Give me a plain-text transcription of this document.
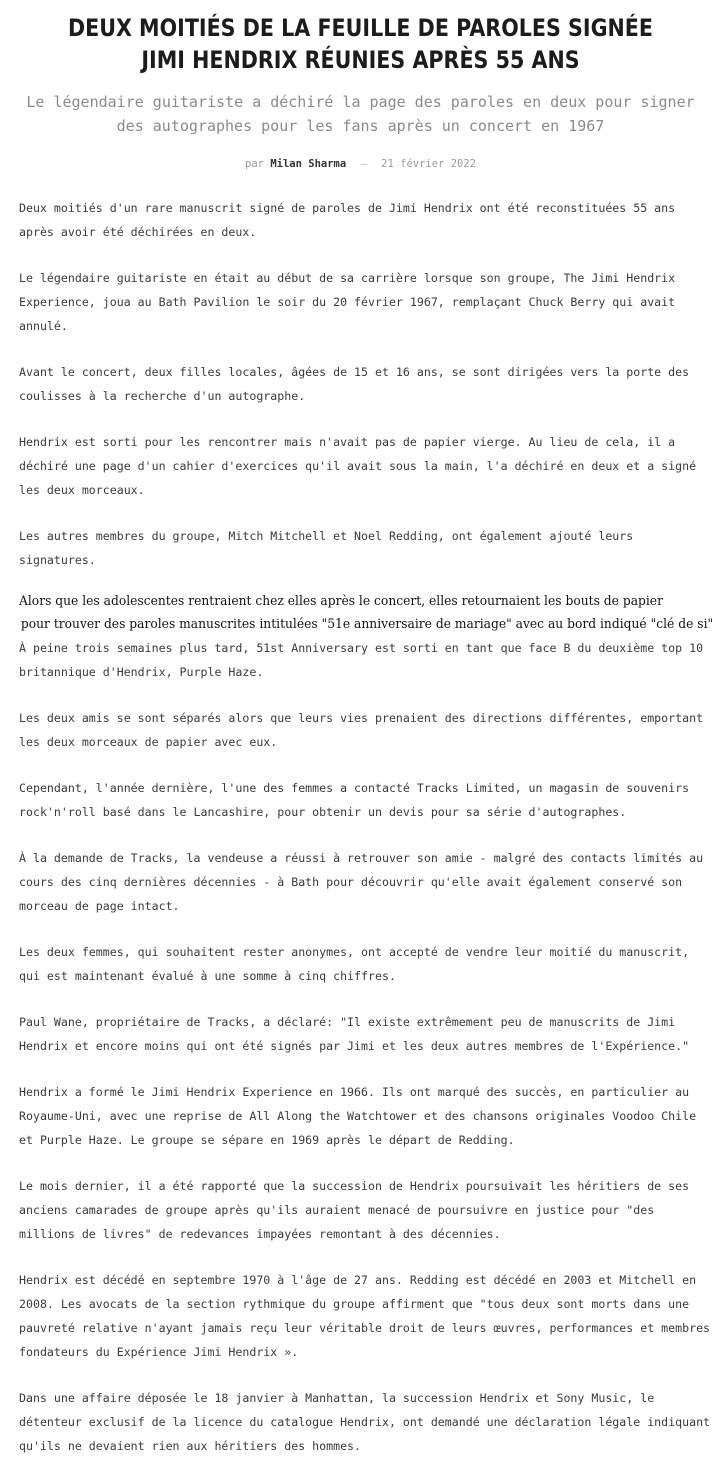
DEUX MOITIÉS DE LA FEUILLE DE PAROLES SIGNÉE JIMI HENDRIX RÉUNIES APRÈS 55 ANS

Le légendaire guitariste a déchiré la page des paroles en deux pour signer des autographes pour les fans après un concert en 1967

par Milan Sharma — 21 février 2022

Deux moitiés d'un rare manuscrit signé de paroles de Jimi Hendrix ont été reconstituées 55 ans après avoir été déchirées en deux.

Le légendaire guitariste en était au début de sa carrière lorsque son groupe, The Jimi Hendrix Experience, joua au Bath Pavilion le soir du 20 février 1967, remplaçant Chuck Berry qui avait annulé.

Avant le concert, deux filles locales, âgées de 15 et 16 ans, se sont dirigées vers la porte des coulisses à la recherche d'un autographe.

Hendrix est sorti pour les rencontrer mais n'avait pas de papier vierge. Au lieu de cela, il a déchiré une page d'un cahier d'exercices qu'il avait sous la main, l'a déchiré en deux et a signé les deux morceaux.

Les autres membres du groupe, Mitch Mitchell et Noel Redding, ont également ajouté leurs signatures.

Alors que les adolescentes rentraient chez elles après le concert, elles retournaient les bouts de papier
pour trouver des paroles manuscrites intitulées "51e anniversaire de mariage" avec au bord indiqué "clé de si"

À peine trois semaines plus tard, 51st Anniversary est sorti en tant que face B du deuxième top 10 britannique d'Hendrix, Purple Haze.

Les deux amis se sont séparés alors que leurs vies prenaient des directions différentes, emportant les deux morceaux de papier avec eux.

Cependant, l'année dernière, l'une des femmes a contacté Tracks Limited, un magasin de souvenirs rock'n'roll basé dans le Lancashire, pour obtenir un devis pour sa série d'autographes.

À la demande de Tracks, la vendeuse a réussi à retrouver son amie - malgré des contacts limités au cours des cinq dernières décennies - à Bath pour découvrir qu'elle avait également conservé son morceau de page intact.

Les deux femmes, qui souhaitent rester anonymes, ont accepté de vendre leur moitié du manuscrit, qui est maintenant évalué à une somme à cinq chiffres.

Paul Wane, propriétaire de Tracks, a déclaré: "Il existe extrêmement peu de manuscrits de Jimi Hendrix et encore moins qui ont été signés par Jimi et les deux autres membres de l'Expérience."

Hendrix a formé le Jimi Hendrix Experience en 1966. Ils ont marqué des succès, en particulier au Royaume-Uni, avec une reprise de All Along the Watchtower et des chansons originales Voodoo Chile et Purple Haze. Le groupe se sépare en 1969 après le départ de Redding.

Le mois dernier, il a été rapporté que la succession de Hendrix poursuivait les héritiers de ses anciens camarades de groupe après qu'ils auraient menacé de poursuivre en justice pour "des millions de livres" de redevances impayées remontant à des décennies.

Hendrix est décédé en septembre 1970 à l'âge de 27 ans. Redding est décédé en 2003 et Mitchell en 2008. Les avocats de la section rythmique du groupe affirment que "tous deux sont morts dans une pauvreté relative n'ayant jamais reçu leur véritable droit de leurs œuvres, performances et membres fondateurs du Expérience Jimi Hendrix ».

Dans une affaire déposée le 18 janvier à Manhattan, la succession Hendrix et Sony Music, le détenteur exclusif de la licence du catalogue Hendrix, ont demandé une déclaration légale indiquant qu'ils ne devaient rien aux héritiers des hommes.
